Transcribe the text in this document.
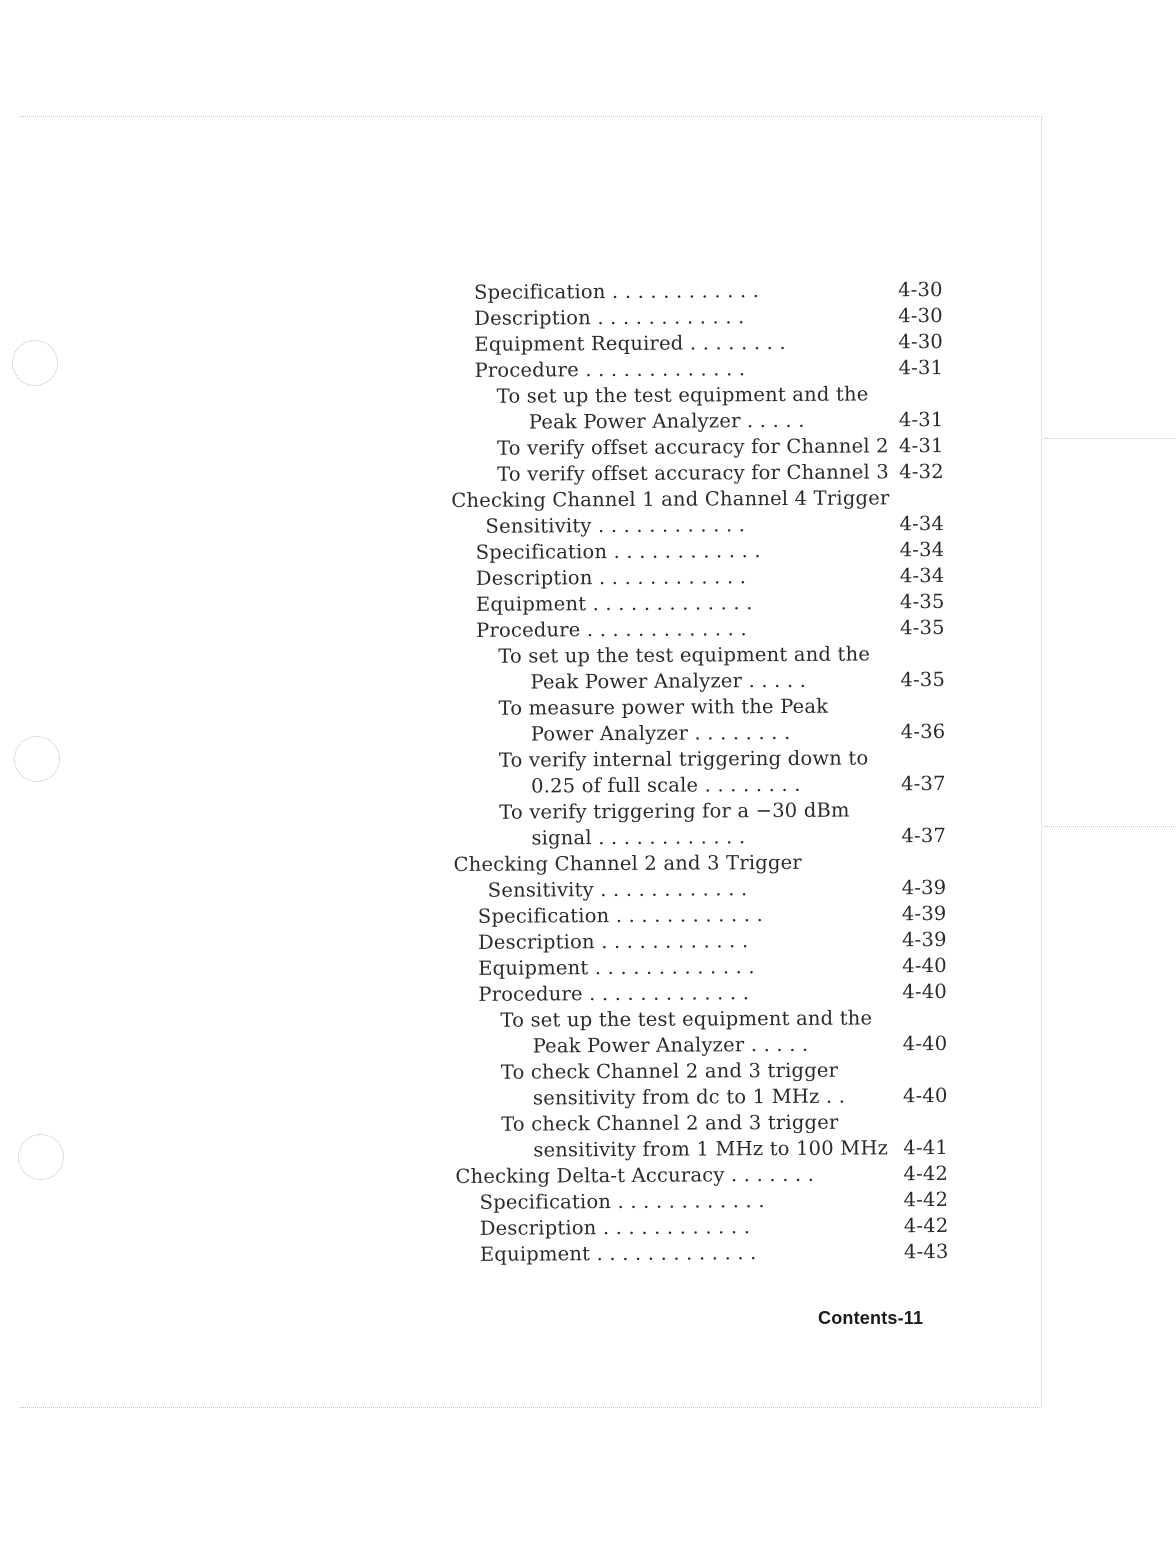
Specification . . . . . . . . . . . .	4-30
Description . . . . . . . . . . . .	4-30
Equipment Required . . . . . . . .	4-30
Procedure . . . . . . . . . . . . .	4-31
To set up the test equipment and the
Peak Power Analyzer . . . . .	4-31
To verify offset accuracy for Channel 2 4-31
To verify offset accuracy for Channel 3 4-32
Checking Channel 1 and Channel 4 Trigger
Sensitivity . . . . . . . . . . . .	4-34
Specification . . . . . . . . . . . .	4-34
Description . . . . . . . . . . . .	4-34
Equipment . . . . . . . . . . . . .	4-35
Procedure . . . . . . . . . . . . .	4-35
To set up the test equipment and the
Peak Power Analyzer . . . . .	4-35
To measure power with the Peak
Power Analyzer . . . . . . . .	4-36
To verify internal triggering down to
0.25 of full scale . . . . . . . .	4-37
To verify triggering for a −30 dBm
signal . . . . . . . . . . . .	4-37
Checking Channel 2 and 3 Trigger
Sensitivity . . . . . . . . . . . .	4-39
Specification . . . . . . . . . . . .	4-39
Description . . . . . . . . . . . .	4-39
Equipment . . . . . . . . . . . . .	4-40
Procedure . . . . . . . . . . . . .	4-40
To set up the test equipment and the
Peak Power Analyzer . . . . .	4-40
To check Channel 2 and 3 trigger
sensitivity from dc to 1 MHz . .	4-40
To check Channel 2 and 3 trigger
sensitivity from 1 MHz to 100 MHz 4-41
Checking Delta-t Accuracy . . . . . . .	4-42
Specification . . . . . . . . . . . .	4-42
Description . . . . . . . . . . . .	4-42
Equipment . . . . . . . . . . . . .	4-43
Contents-11
